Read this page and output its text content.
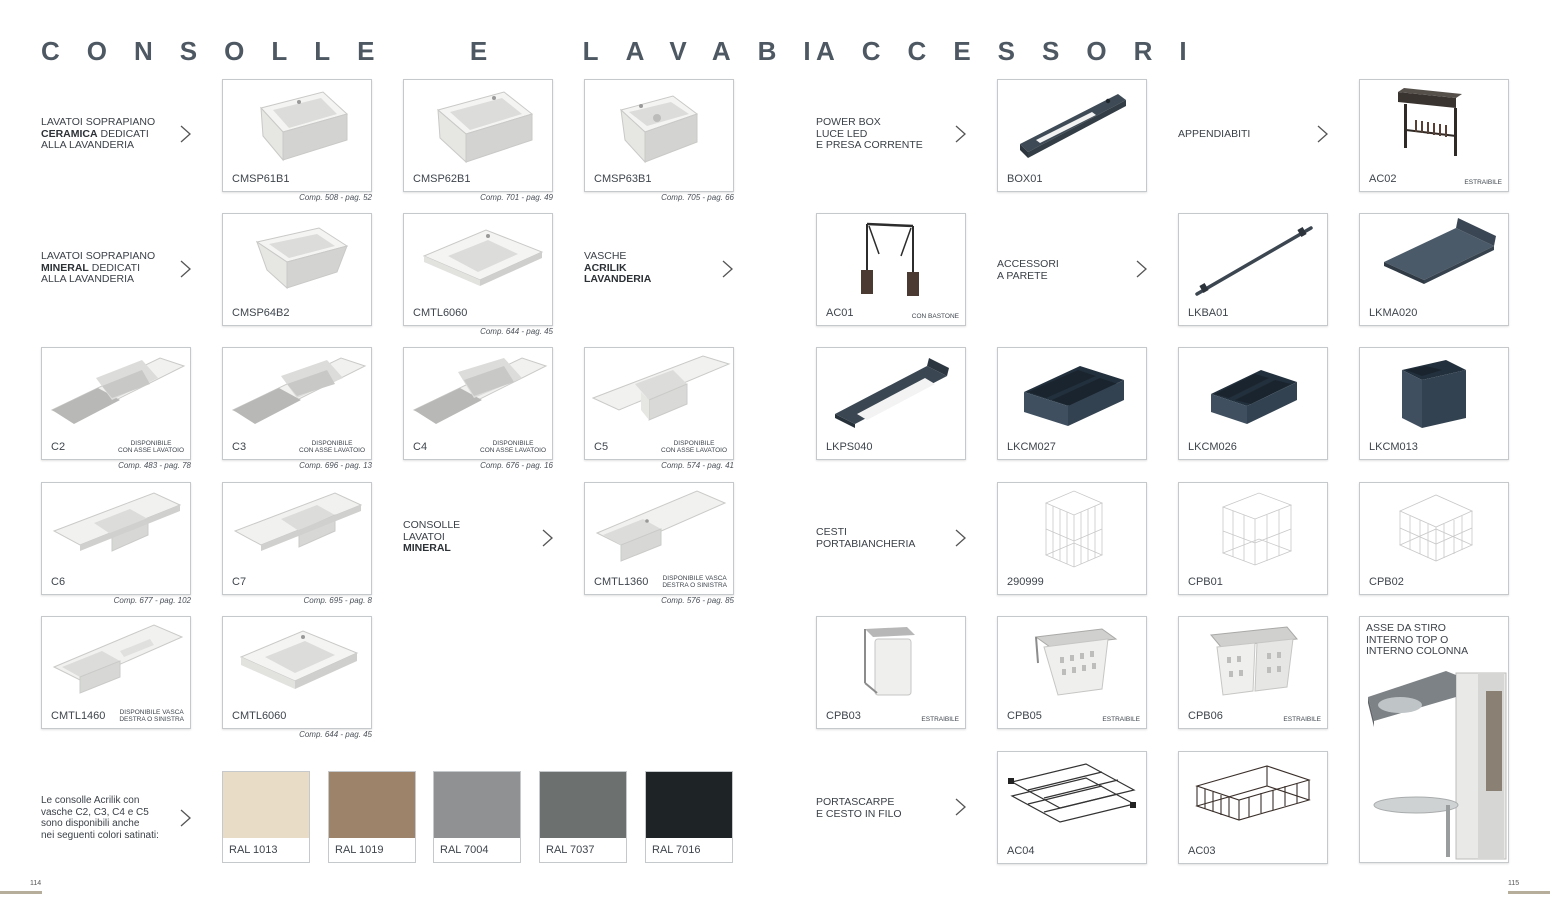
CONSOLLE  E  LAVABI
ACCESSORI
LAVATOI SOPRAPIANO
CERAMICA DEDICATI
ALLA LAVANDERIA
CMSP61B1
Comp. 508 - pag. 52
CMSP62B1
Comp. 701 - pag. 49
CMSP63B1
Comp. 705 - pag. 66
LAVATOI SOPRAPIANO
MINERAL DEDICATI
ALLA LAVANDERIA
CMSP64B2	CMTL6060
Comp. 644 - pag. 45
VASCHE
ACRILIK
LAVANDERIA
C2	DISPONIBILE
CON ASSE LAVATOIO
Comp. 483 - pag. 78
C3	DISPONIBILE
CON ASSE LAVATOIO
Comp. 696 - pag. 13
C4	DISPONIBILE
CON ASSE LAVATOIO
Comp. 676 - pag. 16
C5	DISPONIBILE
CON ASSE LAVATOIO
Comp. 574 - pag. 41
C6
Comp. 677 - pag. 102
C7
Comp. 695 - pag. 8
CONSOLLE
LAVATOI
MINERAL
CMTL1360 DISPONIBILE VASCA
DESTRA O SINISTRA
Comp. 576 - pag. 85
CMTL1460 DISPONIBILE VASCA
DESTRA O SINISTRA	CMTL6060
Comp. 644 - pag. 45
Le consolle Acrilik con
vasche C2, C3, C4 e C5
sono disponibili anche
nei seguenti colori satinati:
RAL 1013	RAL 1019	RAL 7004	RAL 7037	RAL 7016
POWER BOX
LUCE LED
E PRESA CORRENTE
BOX01
APPENDIABITI
AC02	ESTRAIBILE
AC01	CON BASTONE
ACCESSORI
A PARETE
LKBA01	LKMA020
LKPS040	LKCM027	LKCM026	LKCM013
CESTI
PORTABIANCHERIA
290999	CPB01	CPB02
CPB03	ESTRAIBILE	CPB05	ESTRAIBILE	CPB06	ESTRAIBILE
ASSE DA STIRO
INTERNO TOP O
INTERNO COLONNA
PORTASCARPE
E CESTO IN FILO
AC04	AC03
114	115
